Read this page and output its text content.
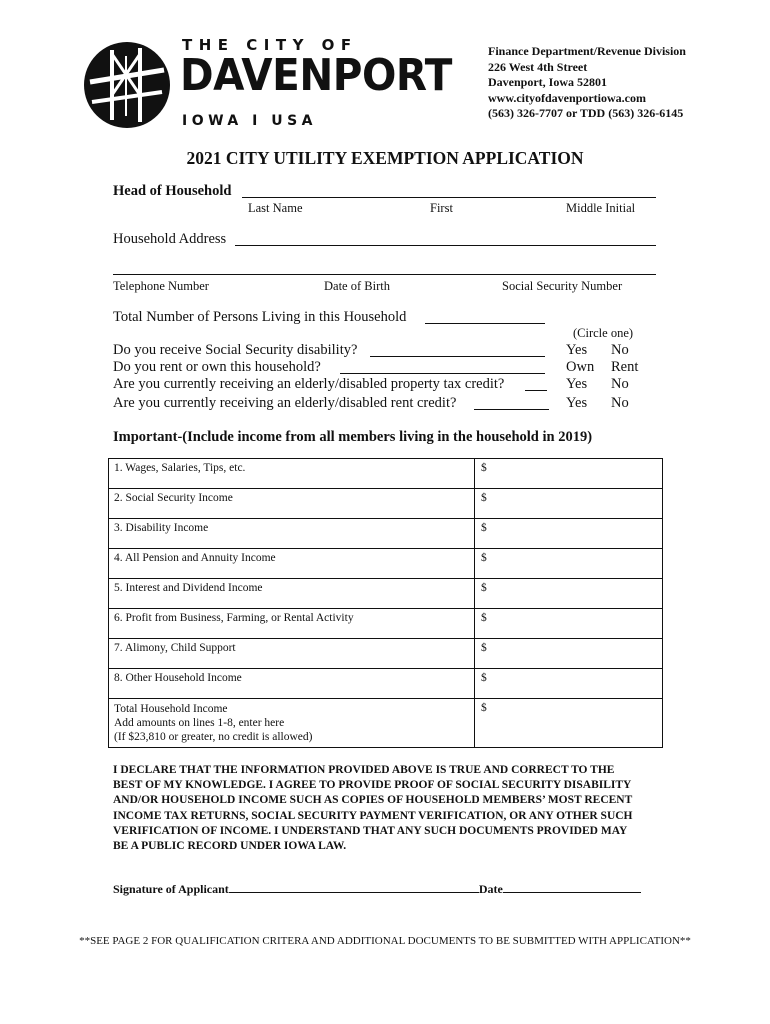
THE CITY OF
DAVENPORT
IOWA I USA
Finance Department/Revenue Division
226 West 4th Street
Davenport, Iowa 52801
www.cityofdavenportiowa.com
(563) 326-7707 or TDD (563) 326-6145
2021 CITY UTILITY EXEMPTION APPLICATION
Head of Household
Last Name	First	Middle Initial
Household Address
Telephone Number	Date of Birth	Social Security Number
Total Number of Persons Living in this Household
(Circle one)
Do you receive Social Security disability?	Yes No
Do you rent or own this household?	Own Rent
Are you currently receiving an elderly/disabled property tax credit?	Yes No
Are you currently receiving an elderly/disabled rent credit?	Yes No
Important-(Include income from all members living in the household in 2019)
1. Wages, Salaries, Tips, etc.	$
2. Social Security Income	$
3. Disability Income	$
4. All Pension and Annuity Income	$
5. Interest and Dividend Income	$
6. Profit from Business, Farming, or Rental Activity	$
7. Alimony, Child Support	$
8. Other Household Income	$

Total Household Income
Add amounts on lines 1-8, enter here
(If $23,810 or greater, no credit is allowed)	$
I DECLARE THAT THE INFORMATION PROVIDED ABOVE IS TRUE AND CORRECT TO THE BEST OF MY KNOWLEDGE. I AGREE TO PROVIDE PROOF OF SOCIAL SECURITY DISABILITY AND/OR HOUSEHOLD INCOME SUCH AS COPIES OF HOUSEHOLD MEMBERS’ MOST RECENT INCOME TAX RETURNS, SOCIAL SECURITY PAYMENT VERIFICATION, OR ANY OTHER SUCH VERIFICATION OF INCOME. I UNDERSTAND THAT ANY SUCH DOCUMENTS PROVIDED MAY BE A PUBLIC RECORD UNDER IOWA LAW.
Signature of Applicant	Date
**SEE PAGE 2 FOR QUALIFICATION CRITERA AND ADDITIONAL DOCUMENTS TO BE SUBMITTED WITH APPLICATION**
